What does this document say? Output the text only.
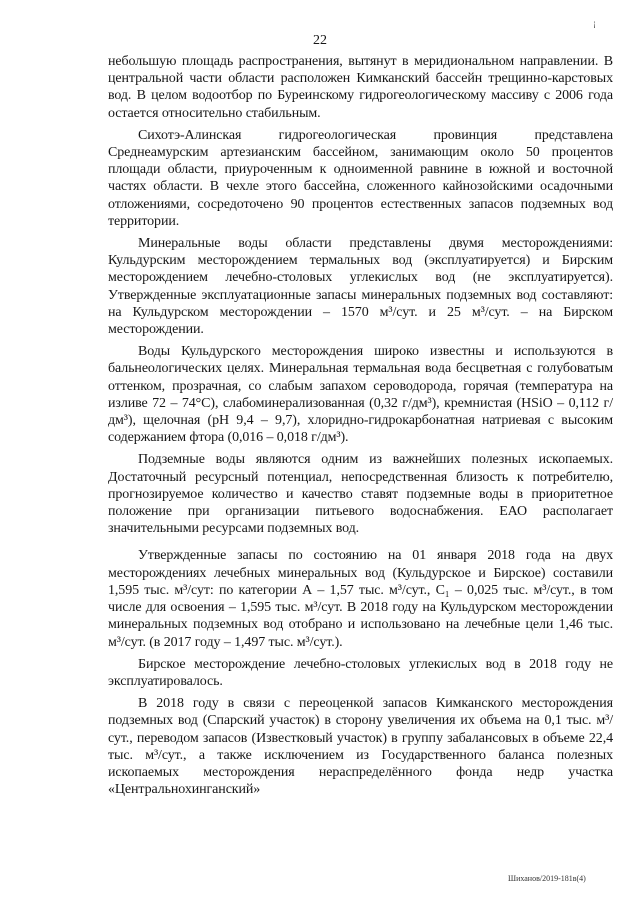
¡
22

небольшую площадь распространения, вытянут в меридиональном направлении. В центральной части области расположен Кимканский бассейн трещинно-карстовых вод. В целом водоотбор по Буреинскому гидрогеологическому массиву с 2006 года остается относительно стабильным.

Сихотэ-Алинская гидрогеологическая провинция представлена Среднеамурским артезианским бассейном, занимающим около 50 процентов площади области, приуроченным к одноименной равнине в южной и восточной частях области. В чехле этого бассейна, сложенного кайнозойскими осадочными отложениями, сосредоточено 90 процентов естественных запасов подземных вод территории.

Минеральные воды области представлены двумя месторождениями: Кульдурским месторождением термальных вод (эксплуатируется) и Бирским месторождением лечебно-столовых углекислых вод (не эксплуатируется). Утвержденные эксплуатационные запасы минеральных подземных вод составляют: на Кульдурском месторождении – 1570 м³/сут. и 25 м³/сут. – на Бирском месторождении.

Воды Кульдурского месторождения широко известны и используются в бальнеологических целях. Минеральная термальная вода бесцветная с голубоватым оттенком, прозрачная, со слабым запахом сероводорода, горячая (температура на изливе 72 – 74°С), слабоминерализованная (0,32 г/дм³), кремнистая (HSiO – 0,112 г/дм³), щелочная (рН 9,4 – 9,7), хлоридно-гидрокарбонатная натриевая с высоким содержанием фтора (0,016 – 0,018 г/дм³).

Подземные воды являются одним из важнейших полезных ископаемых. Достаточный ресурсный потенциал, непосредственная близость к потребителю, прогнозируемое количество и качество ставят подземные воды в приоритетное положение при организации питьевого водоснабжения. ЕАО располагает значительными ресурсами подземных вод.

Утвержденные запасы по состоянию на 01 января 2018 года на двух месторождениях лечебных минеральных вод (Кульдурское и Бирское) составили 1,595 тыс. м³/сут: по категории А – 1,57 тыс. м³/сут., С₁ – 0,025 тыс. м³/сут., в том числе для освоения – 1,595 тыс. м³/сут. В 2018 году на Кульдурском месторождении минеральных подземных вод отобрано и использовано на лечебные цели 1,46 тыс. м³/сут. (в 2017 году – 1,497 тыс. м³/сут.).

Бирское месторождение лечебно-столовых углекислых вод в 2018 году не эксплуатировалось.

В 2018 году в связи с переоценкой запасов Кимканского месторождения подземных вод (Спарский участок) в сторону увеличения их объема на 0,1 тыс. м³/сут., переводом запасов (Известковый участок) в группу забалансовых в объеме 22,4 тыс. м³/сут., а также исключением из Государственного баланса полезных ископаемых месторождения нераспределённого фонда недр участка «Центральнохинганский»

Шиханов/2019-181в(4)
